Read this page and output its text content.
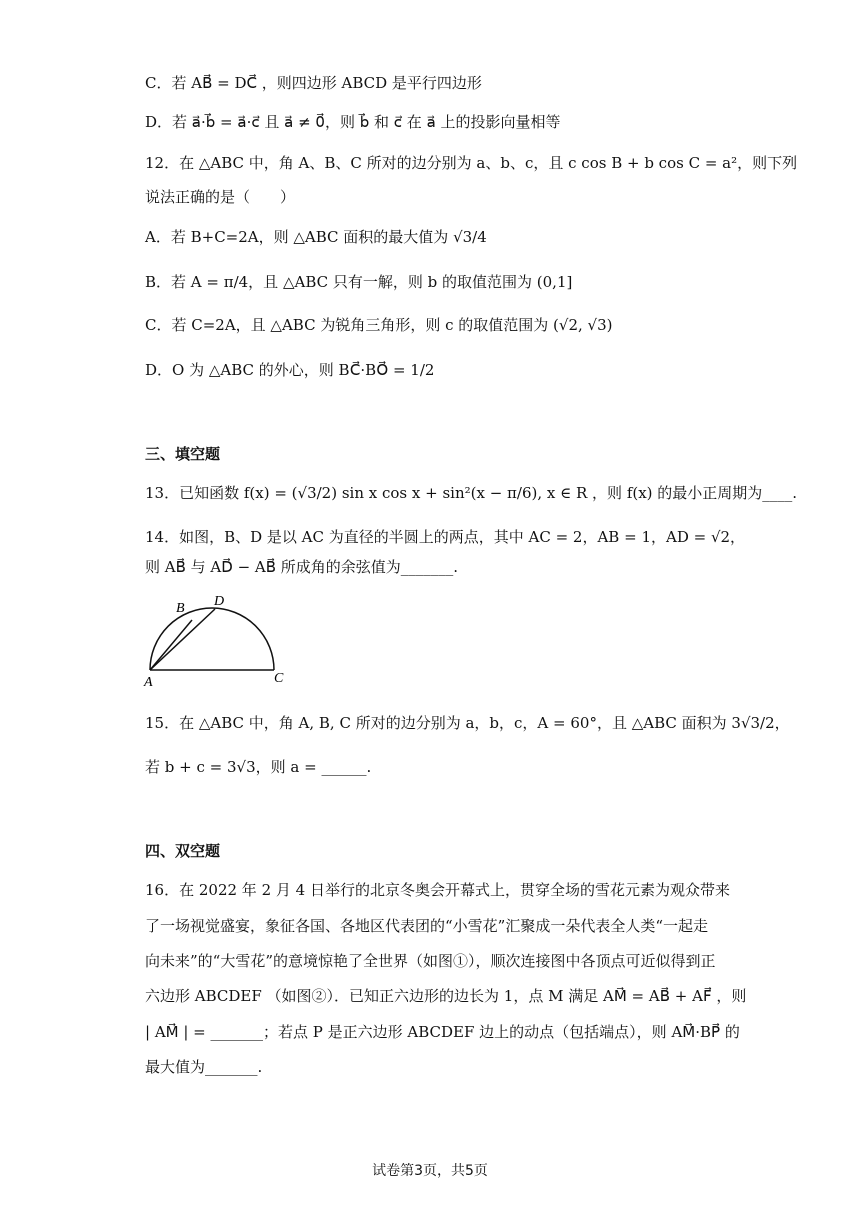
C．若 AB⃗ = DC⃗ ，则四边形 ABCD 是平行四边形
D．若 a⃗·b⃗ = a⃗·c⃗ 且 a⃗ ≠ 0⃗，则 b⃗ 和 c⃗ 在 a⃗ 上的投影向量相等
12．在 △ABC 中，角 A、B、C 所对的边分别为 a、b、c，且 c cos B + b cos C = a²，则下列
说法正确的是（　　）
A．若 B+C=2A，则 △ABC 面积的最大值为 √3/4
B．若 A = π/4，且 △ABC 只有一解，则 b 的取值范围为 (0,1]
C．若 C=2A，且 △ABC 为锐角三角形，则 c 的取值范围为 (√2, √3)
D．O 为 △ABC 的外心，则 BC⃗·BO⃗ = 1/2
三、填空题
13．已知函数 f(x) = (√3/2) sin x cos x + sin²(x − π/6), x ∈ R ，则 f(x) 的最小正周期为____.
14．如图，B、D 是以 AC 为直径的半圆上的两点，其中 AC = 2，AB = 1，AD = √2，
则 AB⃗ 与 AD⃗ − AB⃗ 所成角的余弦值为_______.
B D
A	C
15．在 △ABC 中，角 A, B, C 所对的边分别为 a，b，c，A = 60°，且 △ABC 面积为 3√3/2，
若 b + c = 3√3，则 a = ______.
四、双空题
16．在 2022 年 2 月 4 日举行的北京冬奥会开幕式上，贯穿全场的雪花元素为观众带来
了一场视觉盛宴，象征各国、各地区代表团的“小雪花”汇聚成一朵代表全人类“一起走
向未来”的“大雪花”的意境惊艳了全世界（如图①），顺次连接图中各顶点可近似得到正
六边形 ABCDEF （如图②）．已知正六边形的边长为 1，点 M 满足 AM⃗ = AB⃗ + AF⃗ ，则
| AM⃗ | = _______；若点 P 是正六边形 ABCDEF 边上的动点（包括端点），则 AM⃗·BP⃗ 的
最大值为_______.
试卷第3页，共5页
